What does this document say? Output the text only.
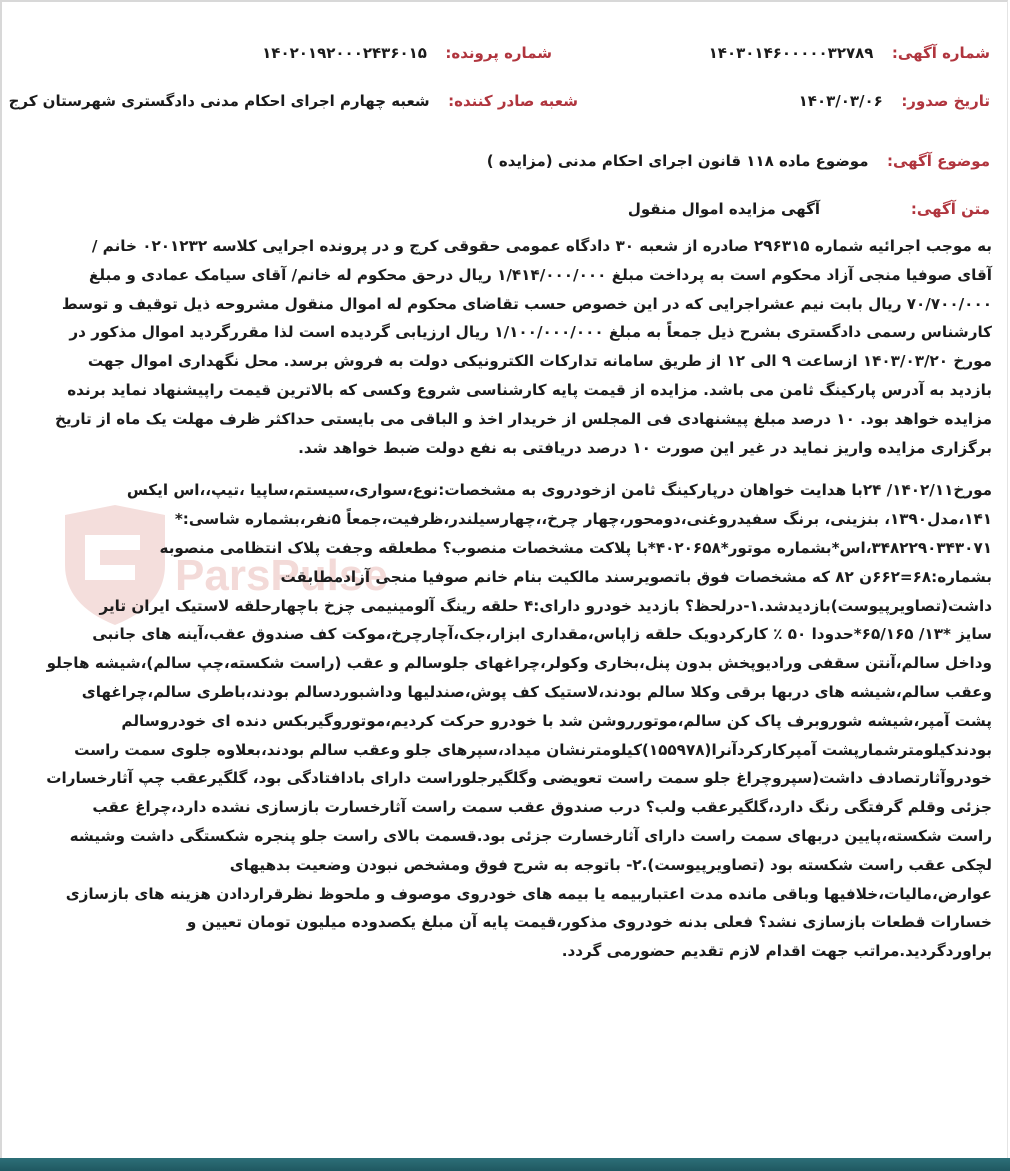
ParsPulse
شماره آگهی:  ۱۴۰۳۰۱۴۶۰۰۰۰۰۳۲۷۸۹
شماره پرونده:  ۱۴۰۲۰۱۹۲۰۰۰۲۴۳۶۰۱۵
تاریخ صدور:  ۱۴۰۳/۰۳/۰۶
شعبه صادر کننده:  شعبه چهارم اجرای احکام مدنی دادگستری شهرستان کرج
موضوع آگهی:  موضوع ماده ۱۱۸ قانون اجرای احکام مدنی (مزایده )
متن آگهی:
آگهی مزایده اموال منقول
به موجب اجرائیه شماره ۲۹۶۳۱۵ صادره از شعبه ۳۰ دادگاه عمومی حقوقی کرج و در پرونده اجرایی کلاسه ۰۲۰۱۲۳۲ خانم /
آقای صوفیا منجی آزاد محکوم است به پرداخت مبلغ ۱/۴۱۴/۰۰۰/۰۰۰ ریال درحق محکوم له خانم/ آقای سیامک عمادی و مبلغ
۷۰/۷۰۰/۰۰۰ ریال بابت نیم عشراجرایی که در این خصوص حسب تقاضای محکوم له اموال منقول مشروحه ذیل توقیف و توسط
کارشناس رسمی دادگستری بشرح ذیل جمعاً به مبلغ ۱/۱۰۰/۰۰۰/۰۰۰ ریال ارزیابی گردیده است لذا مقررگردید اموال مذکور در
مورخ ۱۴۰۳/۰۳/۲۰ ازساعت ۹ الی ۱۲ از طریق سامانه تدارکات الکترونیکی دولت به فروش برسد. محل نگهداری اموال جهت
بازدید به آدرس پارکینگ ثامن می باشد. مزایده از قیمت پایه کارشناسی شروع وکسی که بالاترین قیمت راپیشنهاد نماید برنده
مزایده خواهد بود. ۱۰ درصد مبلغ پیشنهادی فی المجلس از خریدار اخذ و الباقی می بایستی حداکثر ظرف مهلت یک ماه از تاریخ
برگزاری مزایده واریز نماید در غیر این صورت ۱۰ درصد دریافتی به نفع دولت ضبط خواهد شد.
مورخ۱۴۰۲/۱۱/ ۲۴با هدایت خواهان درپارکینگ ثامن ازخودروی به مشخصات:نوع،سواری،سیستم،ساپیا ،تیپ،،اس ایکس
۱۴۱،مدل۱۳۹۰، بنزینی، برنگ سفیدروغنی،دومحور،چهار چرخ،،چهارسیلندر،ظرفیت،جمعاً ۵نفر،بشماره شاسی:*
۳۴۸۲۲۹۰۳۴۳۰۷۱،اس*بشماره موتور*۴۰۲۰۶۵۸*با پلاکت مشخصات منصوب؟ مطعلقه وجفت پلاک انتظامی منصوبه
بشماره:۶۸=۶۶۲ن ۸۲ که مشخصات فوق باتصویرسند مالکیت بنام خانم صوفیا منجی آزادمطابقت
داشت(تصاویرپیوست)بازدیدشد.۱-درلحظ؟ بازدید خودرو دارای:۴ حلقه رینگ آلومینیمی چزخ باچهارحلقه لاستیک ایران تایر
سایز *۱۳/ ۶۵/۱۶۵*حدودا ۵۰ ٪ کارکردویک حلقه زاپاس،مقداری ابزار،جک،آچارچرخ،موکت کف صندوق عقب،آینه های جانبی
وداخل سالم،آنتن سقفی وراديوپخش بدون پنل،بخاری وکولر،چراغهای جلوسالم و عقب (راست شکسته،چپ سالم)،شیشه هاجلو
وعقب سالم،شیشه های دربها برقی وکلا سالم بودند،لاستیک کف پوش،صندلیها وداشبوردسالم بودند،باطری سالم،چراغهای
پشت آمپر،شیشه شوروبرف پاک کن سالم،موتورروشن شد با خودرو حرکت کردیم،موتوروگیربکس دنده ای خودروسالم
بودندکیلومترشمارپشت آمپرکارکردآنرا(۱۵۵۹۷۸)کیلومترنشان میداد،سپرهای جلو وعقب سالم بودند،بعلاوه جلوی سمت راست
خودروآثارتصادف داشت(سپروچراغ جلو سمت راست تعویضی وگلگیرجلوراست دارای بادافتادگی بود، گلگیرعقب چپ آثارخسارات
جزئی وقلم گرفتگی رنگ دارد،گلگیرعقب ولب؟ درب صندوق عقب سمت راست آثارخسارت بازسازی نشده دارد،چراغ عقب
راست شکسته،پایین دربهای سمت راست دارای آثارخسارت جزئی بود.قسمت بالای راست جلو پنجره شکستگی داشت وشیشه
لچکی عقب راست شکسته بود (تصاویرپیوست).۲- باتوجه به شرح فوق ومشخص نبودن وضعیت بدهیهای
عوارض،مالیات،خلافیها وباقی مانده مدت اعتباربیمه یا بیمه های خودروی موصوف و ملحوظ نظرقراردادن هزینه های بازسازی
خسارات قطعات بازسازی نشد؟ فعلی بدنه خودروی مذکور،قیمت پایه آن مبلغ یکصدوده میلیون تومان تعیین و
براوردگردید.مراتب جهت اقدام لازم تقدیم حضورمی گردد.
